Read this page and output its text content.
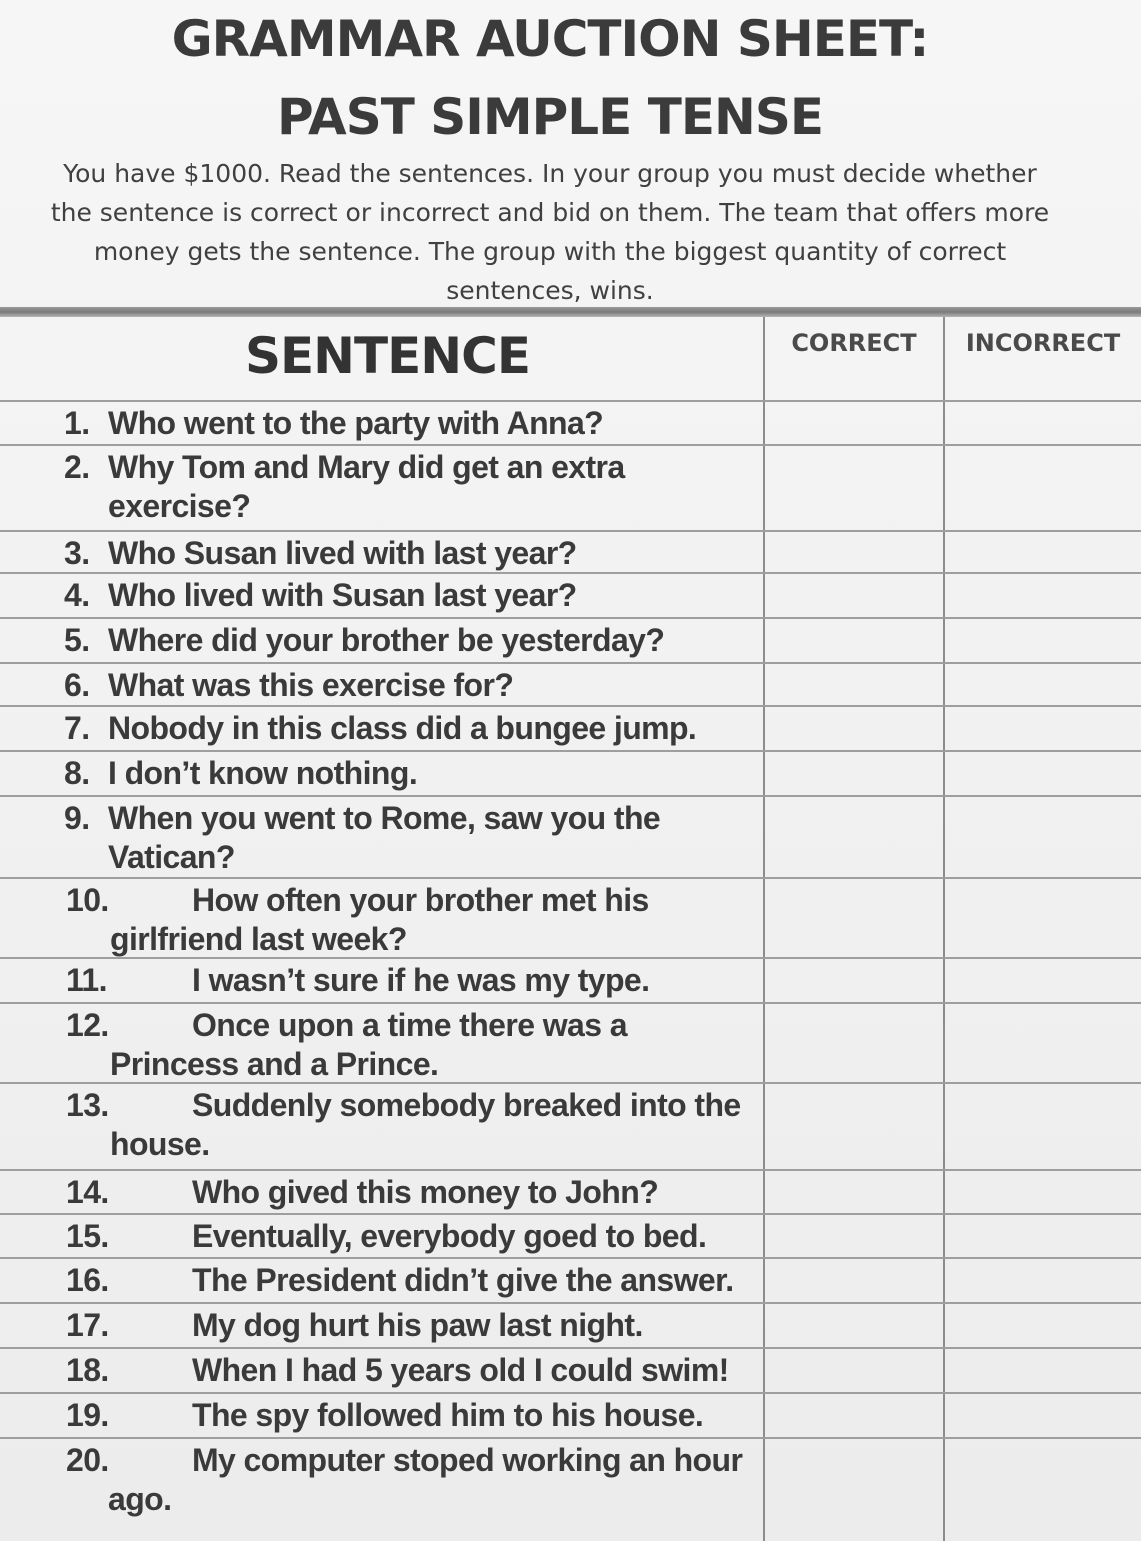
GRAMMAR AUCTION SHEET:
PAST SIMPLE TENSE
You have $1000. Read the sentences. In your group you must decide whether
the sentence is correct or incorrect and bid on them. The team that offers more
money gets the sentence. The group with the biggest quantity of correct
sentences, wins.
SENTENCE	CORRECT	INCORRECT
1. Who went to the party with Anna?
2. Why Tom and Mary did get an extra
exercise?
3. Who Susan lived with last year?
4. Who lived with Susan last year?
5. Where did your brother be yesterday?
6. What was this exercise for?
7. Nobody in this class did a bungee jump.
8. I don’t know nothing.
9. When you went to Rome, saw you the
Vatican?
10.	How often your brother met his
girlfriend last week?
11.	I wasn’t sure if he was my type.
12.	Once upon a time there was a
Princess and a Prince.
13.	Suddenly somebody breaked into the
house.
14.	Who gived this money to John?
15.	Eventually, everybody goed to bed.
16.	The President didn’t give the answer.
17.	My dog hurt his paw last night.
18.	When I had 5 years old I could swim!
19.	The spy followed him to his house.
20.	My computer stoped working an hour
ago.
